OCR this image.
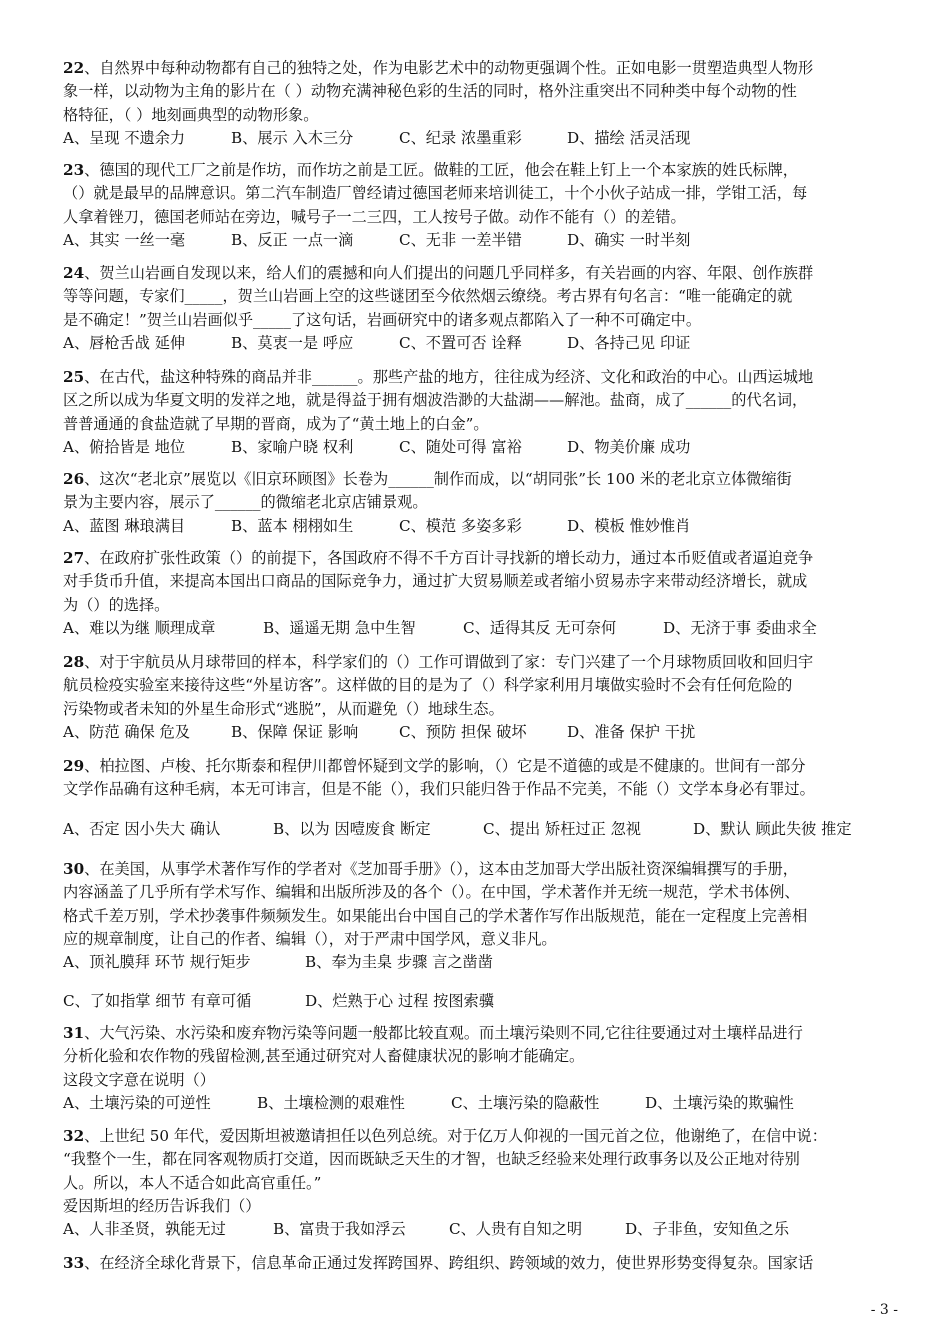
22、自然界中每种动物都有自己的独特之处，作为电影艺术中的动物更强调个性。正如电影一贯塑造典型人物形
象一样，以动物为主角的影片在（ ）动物充满神秘色彩的生活的同时，格外注重突出不同种类中每个动物的性
格特征，（ ）地刻画典型的动物形象。
A、呈现 不遗余力	B、展示 入木三分	C、纪录 浓墨重彩	D、描绘 活灵活现
23、德国的现代工厂之前是作坊，而作坊之前是工匠。做鞋的工匠，他会在鞋上钉上一个本家族的姓氏标牌，
（）就是最早的品牌意识。第二汽车制造厂曾经请过德国老师来培训徒工，十个小伙子站成一排，学钳工活，每
人拿着锉刀，德国老师站在旁边，喊号子一二三四，工人按号子做。动作不能有（）的差错。
A、其实 一丝一毫	B、反正 一点一滴	C、无非 一差半错	D、确实 一时半刻
24、贺兰山岩画自发现以来，给人们的震撼和向人们提出的问题几乎同样多，有关岩画的内容、年限、创作族群
等等问题，专家们_____，贺兰山岩画上空的这些谜团至今依然烟云缭绕。考古界有句名言：“唯一能确定的就
是不确定！”贺兰山岩画似乎_____了这句话，岩画研究中的诸多观点都陷入了一种不可确定中。
A、唇枪舌战 延伸	B、莫衷一是 呼应	C、不置可否 诠释	D、各持己见 印证
25、在古代，盐这种特殊的商品并非______。那些产盐的地方，往往成为经济、文化和政治的中心。山西运城地
区之所以成为华夏文明的发祥之地，就是得益于拥有烟波浩渺的大盐湖——解池。盐商，成了______的代名词，
普普通通的食盐造就了早期的晋商，成为了“黄土地上的白金”。
A、俯拾皆是 地位	B、家喻户晓 权利	C、随处可得 富裕	D、物美价廉 成功
26、这次“老北京”展览以《旧京环顾图》长卷为______制作而成，以“胡同张”长 100 米的老北京立体微缩街
景为主要内容，展示了______的微缩老北京店铺景观。
A、蓝图 琳琅满目	B、蓝本 栩栩如生	C、模范 多姿多彩	D、模板 惟妙惟肖
27、在政府扩张性政策（）的前提下，各国政府不得不千方百计寻找新的增长动力，通过本币贬值或者逼迫竞争
对手货币升值，来提高本国出口商品的国际竞争力，通过扩大贸易顺差或者缩小贸易赤字来带动经济增长，就成
为（）的选择。
A、难以为继 顺理成章	B、遥遥无期 急中生智	C、适得其反 无可奈何	D、无济于事 委曲求全
28、对于宇航员从月球带回的样本，科学家们的（）工作可谓做到了家：专门兴建了一个月球物质回收和回归宇
航员检疫实验室来接待这些“外星访客”。这样做的目的是为了（）科学家利用月壤做实验时不会有任何危险的
污染物或者未知的外星生命形式“逃脱”，从而避免（）地球生态。
A、防范 确保 危及	B、保障 保证 影响	C、预防 担保 破坏	D、准备 保护 干扰
29、柏拉图、卢梭、托尔斯泰和程伊川都曾怀疑到文学的影响，（）它是不道德的或是不健康的。世间有一部分
文学作品确有这种毛病，本无可讳言，但是不能（），我们只能归咎于作品不完美，不能（）文学本身必有罪过。
A、否定 因小失大 确认	B、以为 因噎废食 断定	C、提出 矫枉过正 忽视	D、默认 顾此失彼 推定
30、在美国，从事学术著作写作的学者对《芝加哥手册》（），这本由芝加哥大学出版社资深编辑撰写的手册，
内容涵盖了几乎所有学术写作、编辑和出版所涉及的各个（）。在中国，学术著作并无统一规范，学术书体例、
格式千差万别，学术抄袭事件频频发生。如果能出台中国自己的学术著作写作出版规范，能在一定程度上完善相
应的规章制度，让自己的作者、编辑（），对于严肃中国学风，意义非凡。
A、顶礼膜拜 环节 规行矩步	B、奉为圭臬 步骤 言之凿凿
C、了如指掌 细节 有章可循	D、烂熟于心 过程 按图索骥
31、大气污染、水污染和废弃物污染等问题一般都比较直观。而土壤污染则不同,它往往要通过对土壤样品进行
分析化验和农作物的残留检测,甚至通过研究对人畜健康状况的影响才能确定。
这段文字意在说明（）
A、土壤污染的可逆性	B、土壤检测的艰难性	C、土壤污染的隐蔽性	D、土壤污染的欺骗性
32、上世纪 50 年代，爱因斯坦被邀请担任以色列总统。对于亿万人仰视的一国元首之位，他谢绝了，在信中说：
“我整个一生，都在同客观物质打交道，因而既缺乏天生的才智，也缺乏经验来处理行政事务以及公正地对待别
人。所以，本人不适合如此高官重任。”
爱因斯坦的经历告诉我们（）
A、人非圣贤，孰能无过	B、富贵于我如浮云	C、人贵有自知之明	D、子非鱼，安知鱼之乐
33、在经济全球化背景下，信息革命正通过发挥跨国界、跨组织、跨领域的效力，使世界形势变得复杂。国家话
- 3 -
